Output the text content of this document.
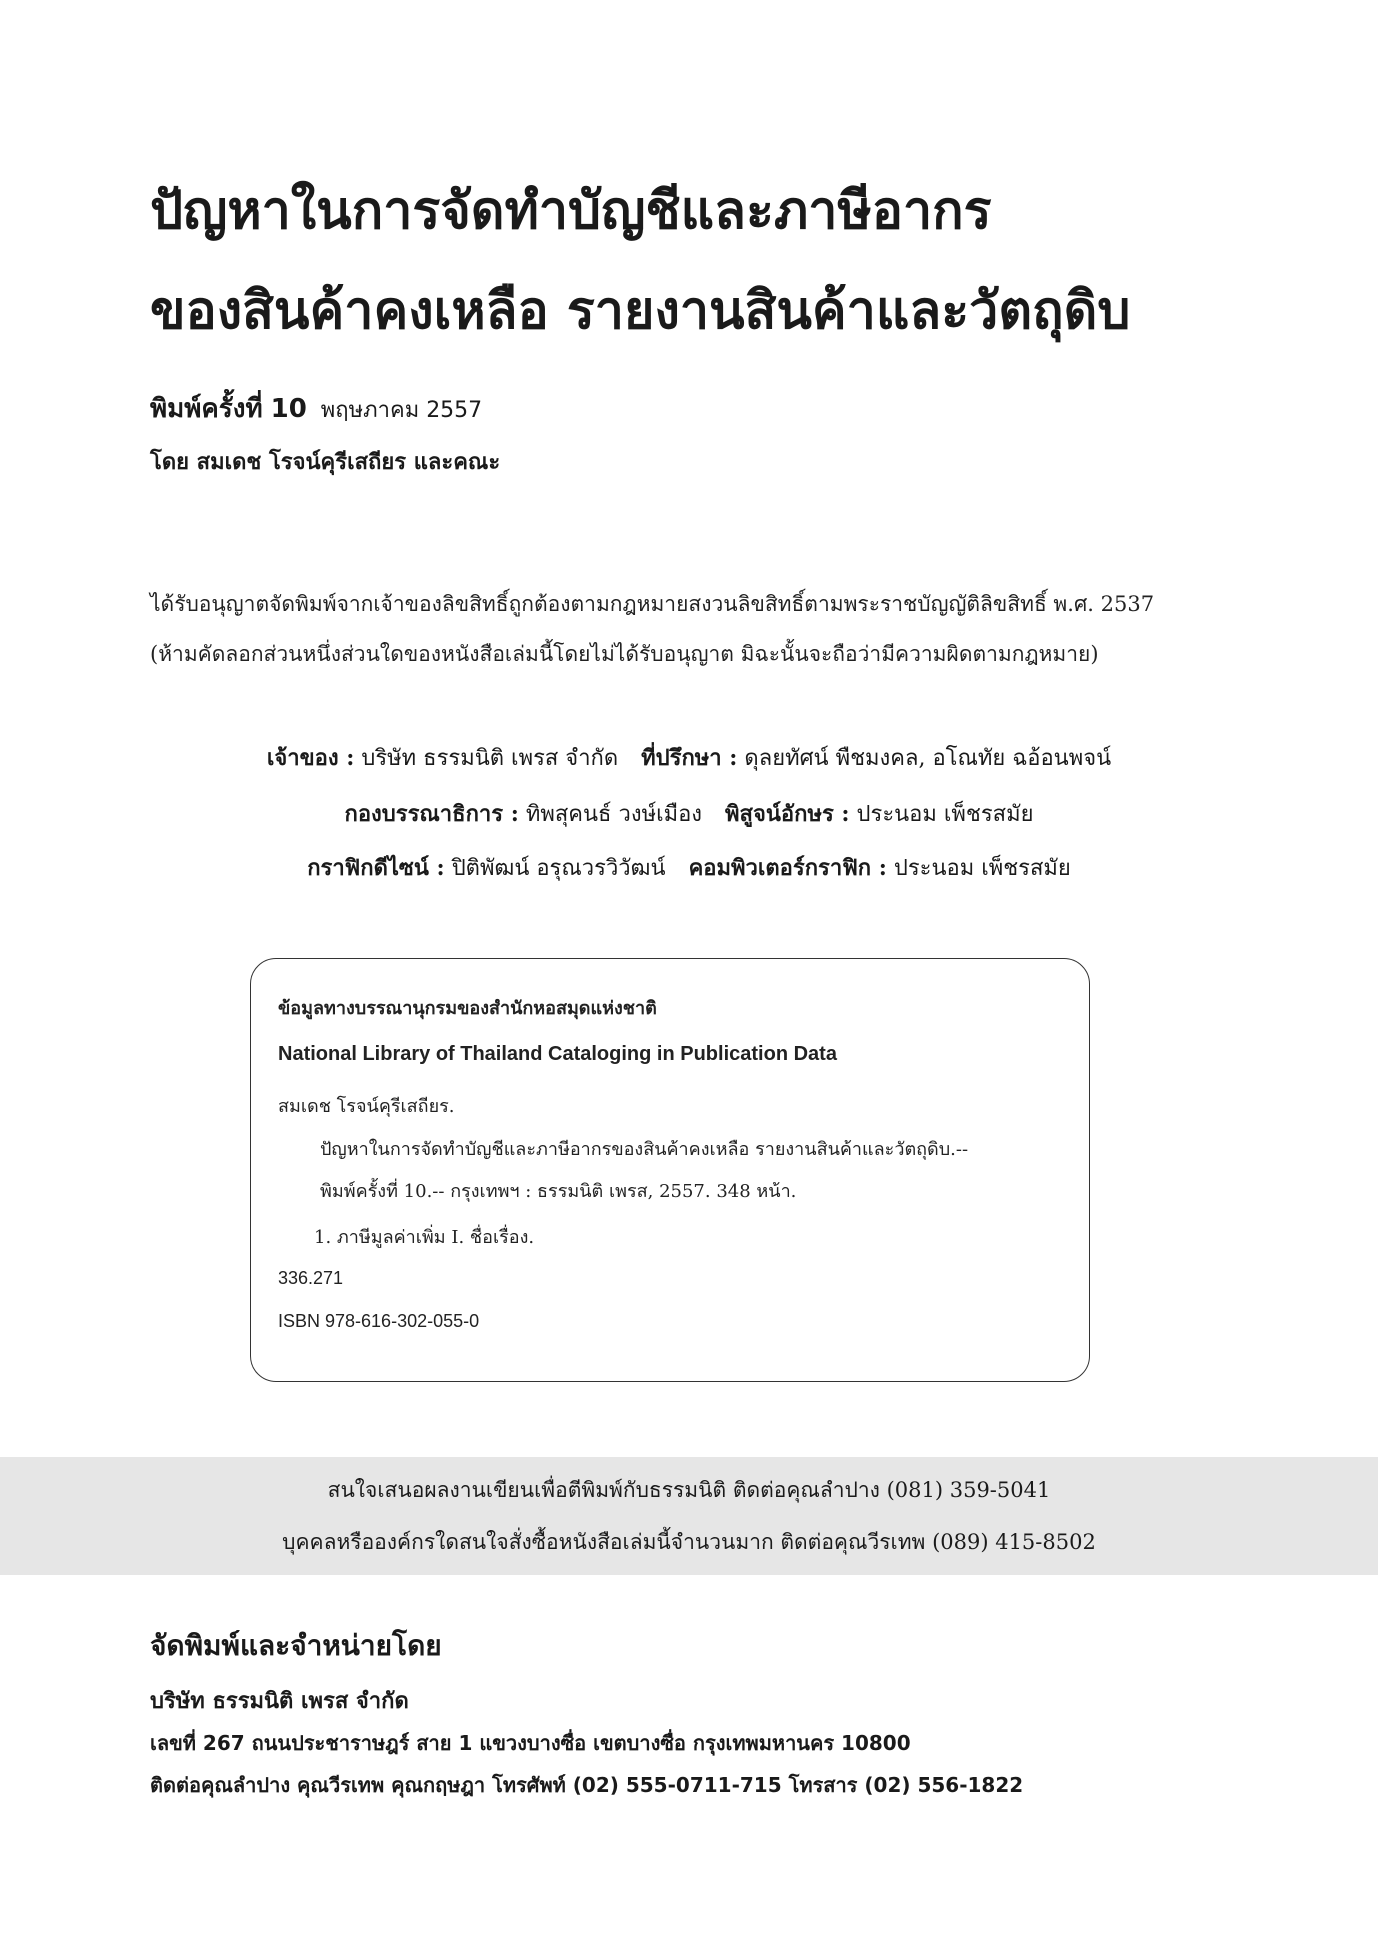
ปัญหาในการจัดทำบัญชีและภาษีอากร
ของสินค้าคงเหลือ รายงานสินค้าและวัตถุดิบ
พิมพ์ครั้งที่ 10 พฤษภาคม 2557
โดย สมเดช โรจน์คุรีเสถียร และคณะ
ได้รับอนุญาตจัดพิมพ์จากเจ้าของลิขสิทธิ์ถูกต้องตามกฎหมายสงวนลิขสิทธิ์ตามพระราชบัญญัติลิขสิทธิ์ พ.ศ. 2537
(ห้ามคัดลอกส่วนหนึ่งส่วนใดของหนังสือเล่มนี้โดยไม่ได้รับอนุญาต มิฉะนั้นจะถือว่ามีความผิดตามกฎหมาย)
เจ้าของ : บริษัท ธรรมนิติ เพรส จำกัด ที่ปรึกษา : ดุลยทัศน์ พืชมงคล, อโณทัย ฉอ้อนพจน์
กองบรรณาธิการ : ทิพสุคนธ์ วงษ์เมือง พิสูจน์อักษร : ประนอม เพ็ชรสมัย
กราฟิกดีไซน์ : ปิติพัฒน์ อรุณวรวิวัฒน์ คอมพิวเตอร์กราฟิก : ประนอม เพ็ชรสมัย
ข้อมูลทางบรรณานุกรมของสำนักหอสมุดแห่งชาติ
National Library of Thailand Cataloging in Publication Data
สมเดช โรจน์คุรีเสถียร.
ปัญหาในการจัดทำบัญชีและภาษีอากรของสินค้าคงเหลือ รายงานสินค้าและวัตถุดิบ.--
พิมพ์ครั้งที่ 10.-- กรุงเทพฯ : ธรรมนิติ เพรส, 2557. 348 หน้า.
1. ภาษีมูลค่าเพิ่ม I. ชื่อเรื่อง.
336.271
ISBN 978-616-302-055-0
สนใจเสนอผลงานเขียนเพื่อตีพิมพ์กับธรรมนิติ ติดต่อคุณลำปาง (081) 359-5041
บุคคลหรือองค์กรใดสนใจสั่งซื้อหนังสือเล่มนี้จำนวนมาก ติดต่อคุณวีรเทพ (089) 415-8502
จัดพิมพ์และจำหน่ายโดย
บริษัท ธรรมนิติ เพรส จำกัด
เลขที่ 267 ถนนประชาราษฎร์ สาย 1 แขวงบางซื่อ เขตบางซื่อ กรุงเทพมหานคร 10800
ติดต่อคุณลำปาง คุณวีรเทพ คุณกฤษฎา โทรศัพท์ (02) 555-0711-715 โทรสาร (02) 556-1822
